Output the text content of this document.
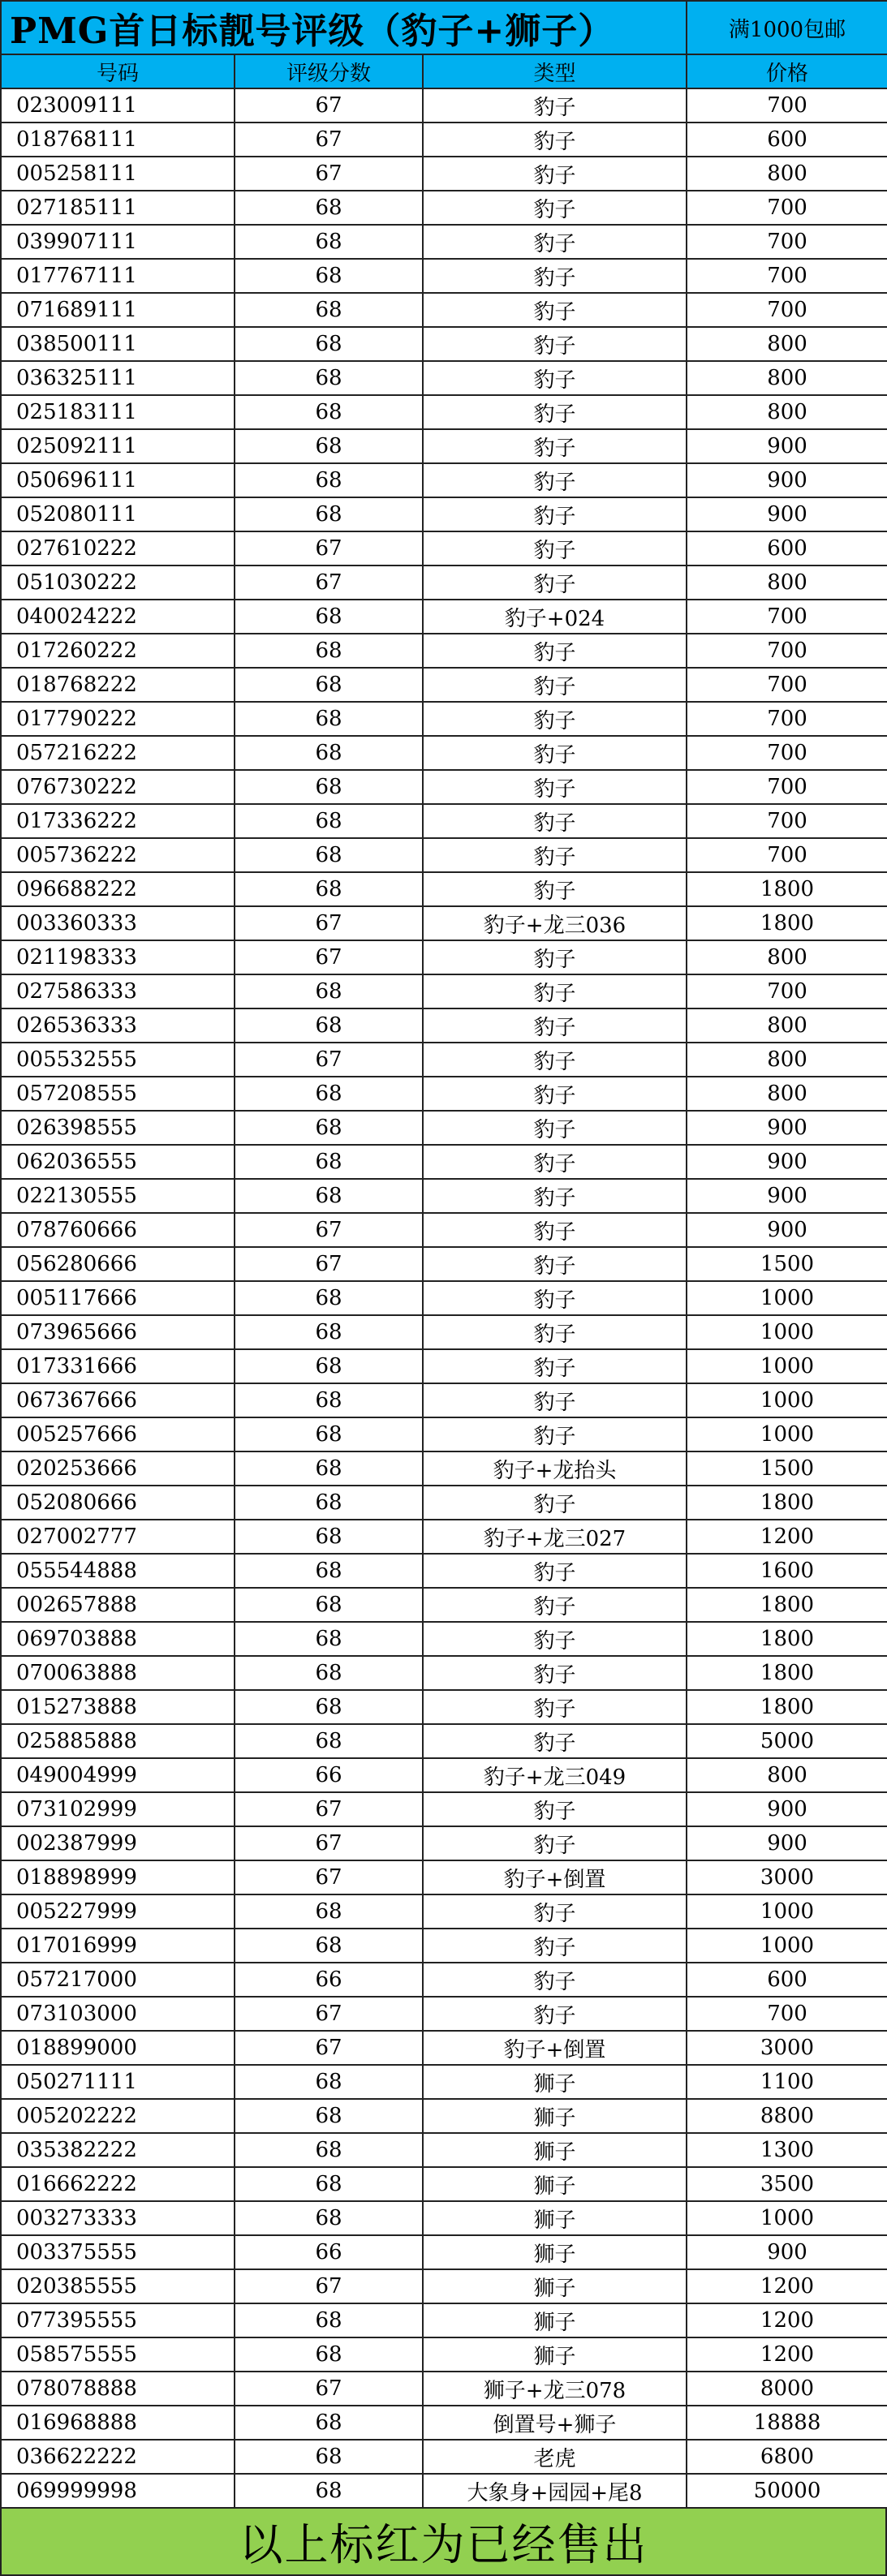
PMG首日标靓号评级（豹子+狮子）			满1000包邮
号码	评级分数	类型	价格
023009111	67	豹子	700
018768111	67	豹子	600
005258111	67	豹子	800
027185111	68	豹子	700
039907111	68	豹子	700
017767111	68	豹子	700
071689111	68	豹子	700
038500111	68	豹子	800
036325111	68	豹子	800
025183111	68	豹子	800
025092111	68	豹子	900
050696111	68	豹子	900
052080111	68	豹子	900
027610222	67	豹子	600
051030222	67	豹子	800
040024222	68	豹子+024	700
017260222	68	豹子	700
018768222	68	豹子	700
017790222	68	豹子	700
057216222	68	豹子	700
076730222	68	豹子	700
017336222	68	豹子	700
005736222	68	豹子	700
096688222	68	豹子	1800
003360333	67	豹子+龙三036	1800
021198333	67	豹子	800
027586333	68	豹子	700
026536333	68	豹子	800
005532555	67	豹子	800
057208555	68	豹子	800
026398555	68	豹子	900
062036555	68	豹子	900
022130555	68	豹子	900
078760666	67	豹子	900
056280666	67	豹子	1500
005117666	68	豹子	1000
073965666	68	豹子	1000
017331666	68	豹子	1000
067367666	68	豹子	1000
005257666	68	豹子	1000
020253666	68	豹子+龙抬头	1500
052080666	68	豹子	1800
027002777	68	豹子+龙三027	1200
055544888	68	豹子	1600
002657888	68	豹子	1800
069703888	68	豹子	1800
070063888	68	豹子	1800
015273888	68	豹子	1800
025885888	68	豹子	5000
049004999	66	豹子+龙三049	800
073102999	67	豹子	900
002387999	67	豹子	900
018898999	67	豹子+倒置	3000
005227999	68	豹子	1000
017016999	68	豹子	1000
057217000	66	豹子	600
073103000	67	豹子	700
018899000	67	豹子+倒置	3000
050271111	68	狮子	1100
005202222	68	狮子	8800
035382222	68	狮子	1300
016662222	68	狮子	3500
003273333	68	狮子	1000
003375555	66	狮子	900
020385555	67	狮子	1200
077395555	68	狮子	1200
058575555	68	狮子	1200
078078888	67	狮子+龙三078	8000
016968888	68	倒置号+狮子	18888
036622222	68	老虎	6800
069999998	68	大象身+园园+尾8	50000
以上标红为已经售出
